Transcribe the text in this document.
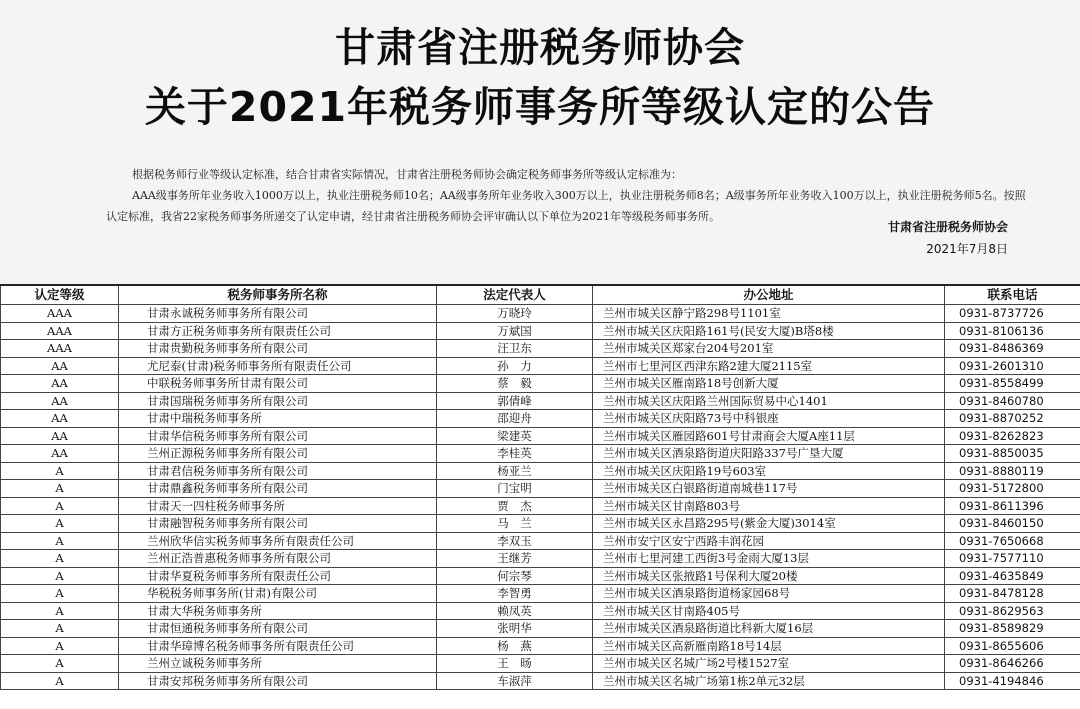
甘肃省注册税务师协会
关于2021年税务师事务所等级认定的公告

根据税务师行业等级认定标准，结合甘肃省实际情况，甘肃省注册税务师协会确定税务师事务所等级认定标准为：

AAA级事务所年业务收入1000万以上，执业注册税务师10名；AA级事务所年业务收入300万以上，执业注册税务师8名；A级事务所年业务收入100万以上，执业注册税务师5名。按照认定标准，我省22家税务师事务所递交了认定申请，经甘肃省注册税务师协会评审确认以下单位为2021年等级税务师事务所。

甘肃省注册税务师协会
2021年7月8日
认定等级	税务师事务所名称	法定代表人	办公地址	联系电话
AAA	甘肃永诚税务师事务所有限公司	万晓玲	兰州市城关区静宁路298号1101室	0931-8737726
AAA	甘肃方正税务师事务所有限责任公司	万斌国	兰州市城关区庆阳路161号(民安大厦)B塔8楼	0931-8106136
AAA	甘肃贵勤税务师事务所有限公司	汪卫东	兰州市城关区郑家台204号201室	0931-8486369
AA	尤尼泰(甘肃)税务师事务所有限责任公司	孙　力	兰州市七里河区西津东路2建大厦2115室	0931-2601310
AA	中联税务师事务所甘肃有限公司	蔡　毅	兰州市城关区雁南路18号创新大厦	0931-8558499
AA	甘肃国瑞税务师事务所有限公司	郭倩峰	兰州市城关区庆阳路兰州国际贸易中心1401	0931-8460780
AA	甘肃中瑞税务师事务所	邵迎舟	兰州市城关区庆阳路73号中科银座	0931-8870252
AA	甘肃华信税务师事务所有限公司	梁建英	兰州市城关区雁园路601号甘肃商会大厦A座11层	0931-8262823
AA	兰州正源税务师事务所有限公司	李桂英	兰州市城关区酒泉路街道庆阳路337号广垦大厦	0931-8850035
A	甘肃君信税务师事务所有限公司	杨亚兰	兰州市城关区庆阳路19号603室	0931-8880119
A	甘肃鼎鑫税务师事务所有限公司	门宝明	兰州市城关区白银路街道南城巷117号	0931-5172800
A	甘肃天一四柱税务师事务所	贾　杰	兰州市城关区甘南路803号	0931-8611396
A	甘肃融智税务师事务所有限公司	马　兰	兰州市城关区永昌路295号(紫金大厦)3014室	0931-8460150
A	兰州欣华信实税务师事务所有限责任公司	李双玉	兰州市安宁区安宁西路丰润花园	0931-7650668
A	兰州正浩普惠税务师事务所有限公司	王继芳	兰州市七里河建工西街3号金雨大厦13层	0931-7577110
A	甘肃华夏税务师事务所有限责任公司	何宗琴	兰州市城关区张掖路1号保利大厦20楼	0931-4635849
A	华税税务师事务所(甘肃)有限公司	李智勇	兰州市城关区酒泉路街道杨家园68号	0931-8478128
A	甘肃大华税务师事务所	赖凤英	兰州市城关区甘南路405号	0931-8629563
A	甘肃恒通税务师事务所有限公司	张明华	兰州市城关区酒泉路街道比科新大厦16层	0931-8589829
A	甘肃华璋博名税务师事务所有限责任公司	杨　燕	兰州市城关区高新雁南路18号14层	0931-8655606
A	兰州立诚税务师事务所	王　旸	兰州市城关区名城广场2号楼1527室	0931-8646266
A	甘肃安邦税务师事务所有限公司	车淑萍	兰州市城关区名城广场第1栋2单元32层	0931-4194846
